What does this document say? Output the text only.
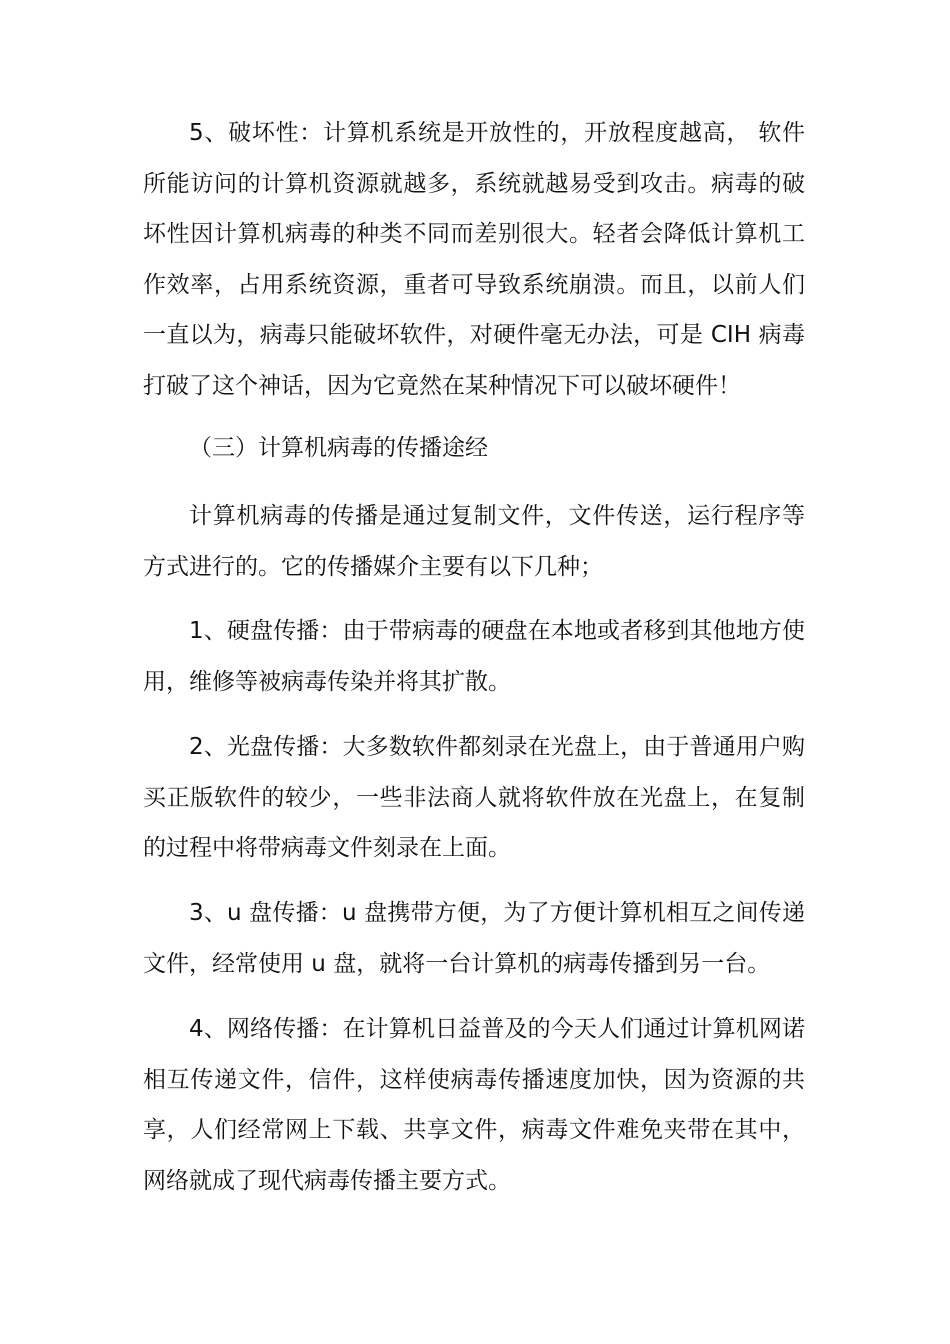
5、破坏性：计算机系统是开放性的，开放程度越高， 软件所能访问的计算机资源就越多，系统就越易受到攻击。病毒的破坏性因计算机病毒的种类不同而差别很大。轻者会降低计算机工作效率，占用系统资源，重者可导致系统崩溃。而且，以前人们一直以为，病毒只能破坏软件，对硬件毫无办法，可是 CIH 病毒打破了这个神话，因为它竟然在某种情况下可以破坏硬件！

（三）计算机病毒的传播途经

计算机病毒的传播是通过复制文件，文件传送，运行程序等方式进行的。它的传播媒介主要有以下几种；

1、硬盘传播：由于带病毒的硬盘在本地或者移到其他地方使用，维修等被病毒传染并将其扩散。

2、光盘传播：大多数软件都刻录在光盘上，由于普通用户购买正版软件的较少，一些非法商人就将软件放在光盘上，在复制的过程中将带病毒文件刻录在上面。

3、u 盘传播：u 盘携带方便，为了方便计算机相互之间传递文件，经常使用 u 盘，就将一台计算机的病毒传播到另一台。

4、网络传播：在计算机日益普及的今天人们通过计算机网诺相互传递文件，信件，这样使病毒传播速度加快，因为资源的共享，人们经常网上下载、共享文件，病毒文件难免夹带在其中，网络就成了现代病毒传播主要方式。
